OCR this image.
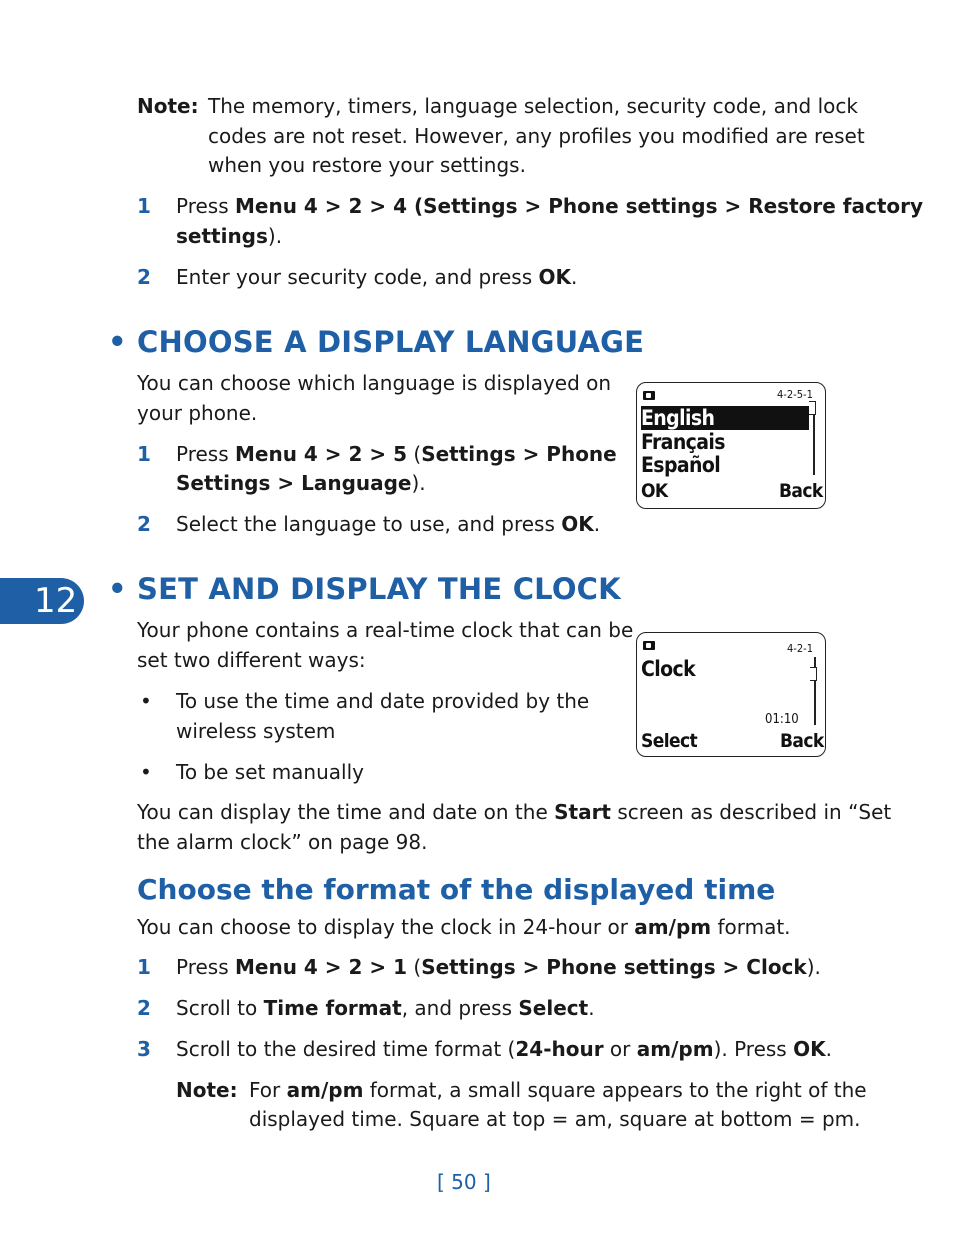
Note: The memory, timers, language selection, security code, and lock
codes are not reset. However, any profiles you modified are reset
when you restore your settings.
1 Press Menu 4 > 2 > 4 (Settings > Phone settings > Restore factory
settings).
2 Enter your security code, and press OK.
• CHOOSE A DISPLAY LANGUAGE
You can choose which language is displayed on
your phone.
1 Press Menu 4 > 2 > 5 (Settings > Phone
Settings > Language).
2 Select the language to use, and press OK.
4-2-5-1
English
Français
Español
OK	Back
12 • SET AND DISPLAY THE CLOCK
Your phone contains a real-time clock that can be
set two different ways:
• To use the time and date provided by the
wireless system
• To be set manually
You can display the time and date on the Start screen as described in “Set
the alarm clock” on page 98.
4-2-1
Clock
01:10
Select	Back
Choose the format of the displayed time
You can choose to display the clock in 24-hour or am/pm format.
1 Press Menu 4 > 2 > 1 (Settings > Phone settings > Clock).
2 Scroll to Time format, and press Select.
3 Scroll to the desired time format (24-hour or am/pm). Press OK.
Note: For am/pm format, a small square appears to the right of the
displayed time. Square at top = am, square at bottom = pm.
[ 50 ]
